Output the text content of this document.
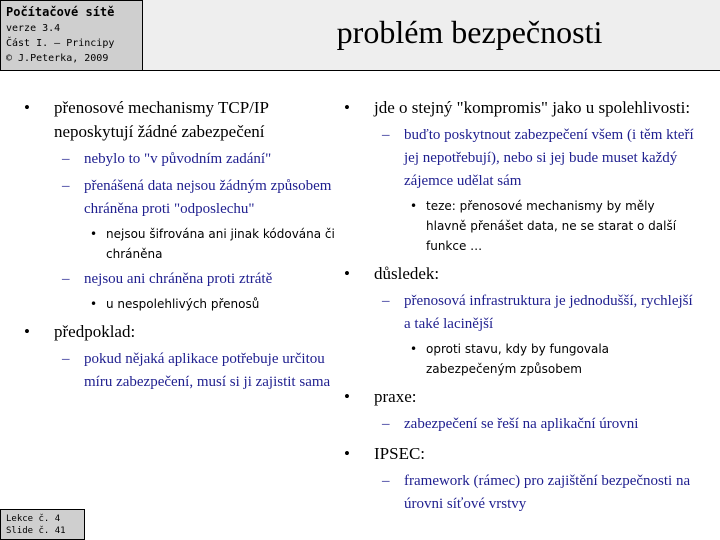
Počítačové sítě
verze 3.4
Část I. – Principy
© J.Peterka, 2009
problém bezpečnosti
• přenosové mechanismy TCP/IP neposkytují žádné zabezpečení
– nebylo to "v původním zadání"
– přenášená data nejsou žádným způsobem chráněna proti "odposlechu"
• nejsou šifrována ani jinak kódována či chráněna
– nejsou ani chráněna proti ztrátě
• u nespolehlivých přenosů
• předpoklad:
– pokud nějaká aplikace potřebuje určitou míru zabezpečení, musí si ji zajistit sama
• jde o stejný "kompromis" jako u spolehlivosti:
– buďto poskytnout zabezpečení všem (i těm kteří jej nepotřebují), nebo si jej bude muset každý zájemce udělat sám
• teze: přenosové mechanismy by měly hlavně přenášet data, ne se starat o další funkce …
• důsledek:
– přenosová infrastruktura je jednodušší, rychlejší a také lacinější
• oproti stavu, kdy by fungovala zabezpečeným způsobem
• praxe:
– zabezpečení se řeší na aplikační úrovni
• IPSEC:
– framework (rámec) pro zajištění bezpečnosti na úrovni síťové vrstvy
Lekce č. 4
Slide č. 41
